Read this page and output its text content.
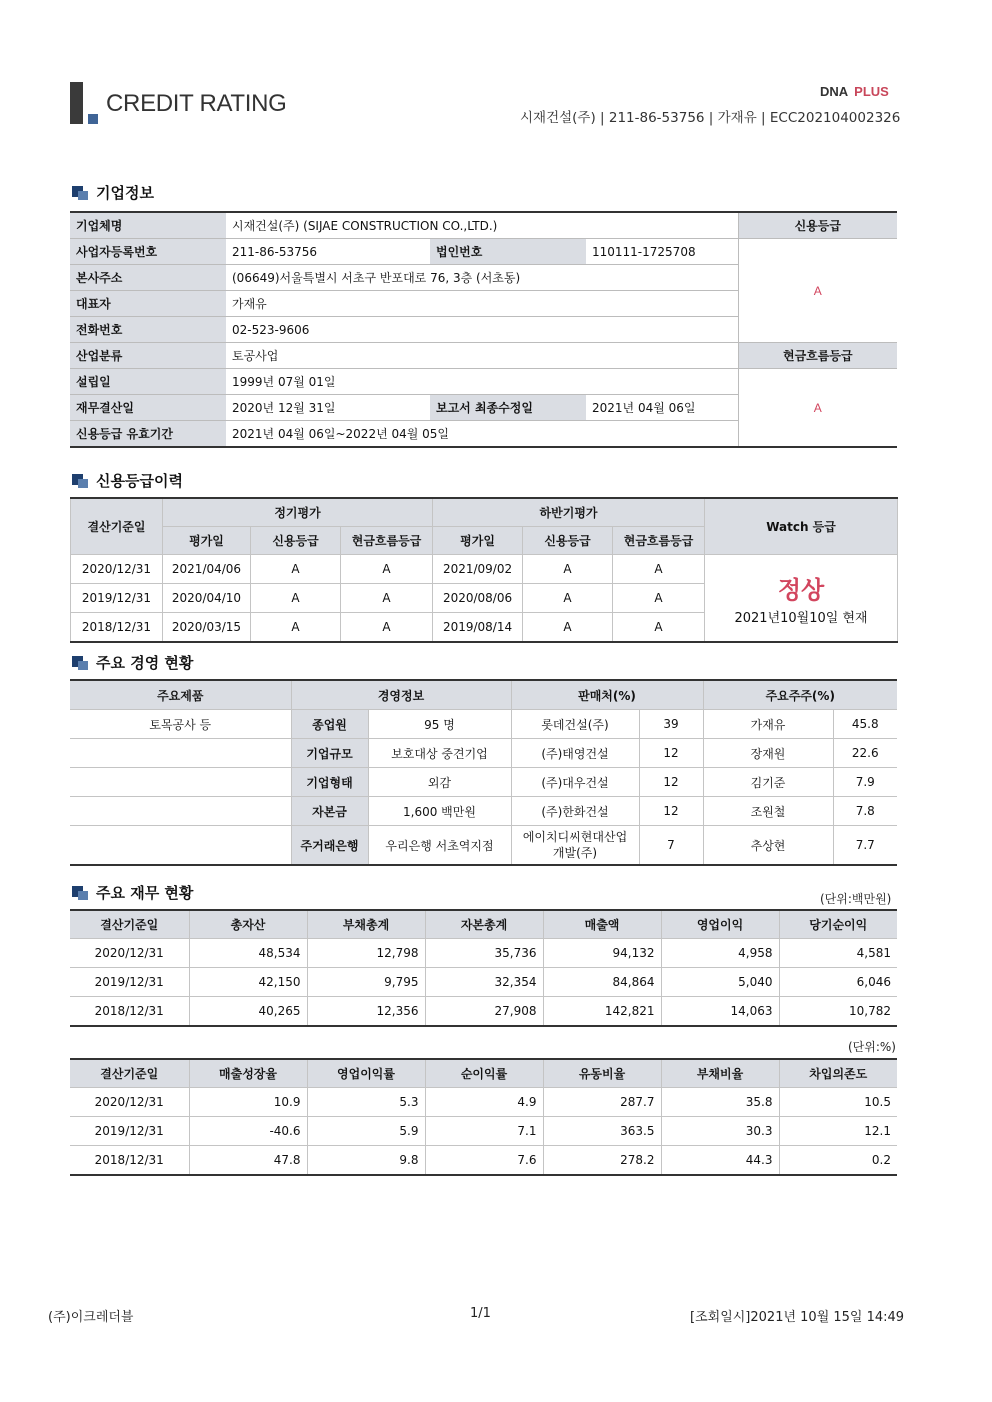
CREDIT RATING	DNA PLUS
시재건설(주) | 211-86-53756 | 가재유 | ECC202104002326
기업정보
기업체명	시재건설(주) (SIJAE CONSTRUCTION CO.,LTD.)			신용등급
사업자등록번호	211-86-53756	법인번호	110111-1725708	A
본사주소	(06649)서울특별시 서초구 반포대로 76, 3층 (서초동)			
대표자	가재유			
전화번호	02-523-9606			
산업분류	토공사업			현금흐름등급
설립일	1999년 07월 01일			A
재무결산일	2020년 12월 31일	보고서 최종수정일	2021년 04월 06일	
신용등급 유효기간	2021년 04월 06일~2022년 04월 05일			
신용등급이력
결산기준일	정기평가			하반기평가			Watch 등급
	평가일	신용등급	현금흐름등급	평가일	신용등급	현금흐름등급	
2020/12/31	2021/04/06	A	A	2021/09/02	A	A	정상
2021년10월10일 현재

2019/12/31	2020/04/10	A	A	2020/08/06	A	A	
2018/12/31	2020/03/15	A	A	2019/08/14	A	A	
주요 경영 현황
주요제품	경영정보		판매처(%)		주요주주(%)	
토목공사 등	종업원	95 명	롯데건설(주)	39	가재유	45.8
	기업규모	보호대상 중견기업	(주)태영건설	12	장재원	22.6
	기업형태	외감	(주)대우건설	12	김기준	7.9
	자본금	1,600 백만원	(주)한화건설	12	조원철	7.8
	주거래은행	우리은행 서초역지점	에이치디씨현대산업개발(주)	7	추상현	7.7
주요 재무 현황	(단위:백만원)
결산기준일	총자산	부채총계	자본총계	매출액	영업이익	당기순이익
2020/12/31	48,534	12,798	35,736	94,132	4,958	4,581
2019/12/31	42,150	9,795	32,354	84,864	5,040	6,046
2018/12/31	40,265	12,356	27,908	142,821	14,063	10,782
(단위:%)
결산기준일	매출성장율	영업이익률	순이익률	유동비율	부채비율	차입의존도
2020/12/31	10.9	5.3	4.9	287.7	35.8	10.5
2019/12/31	-40.6	5.9	7.1	363.5	30.3	12.1
2018/12/31	47.8	9.8	7.6	278.2	44.3	0.2
(주)이크레더블	1/1	[조회일시]2021년 10월 15일 14:49
